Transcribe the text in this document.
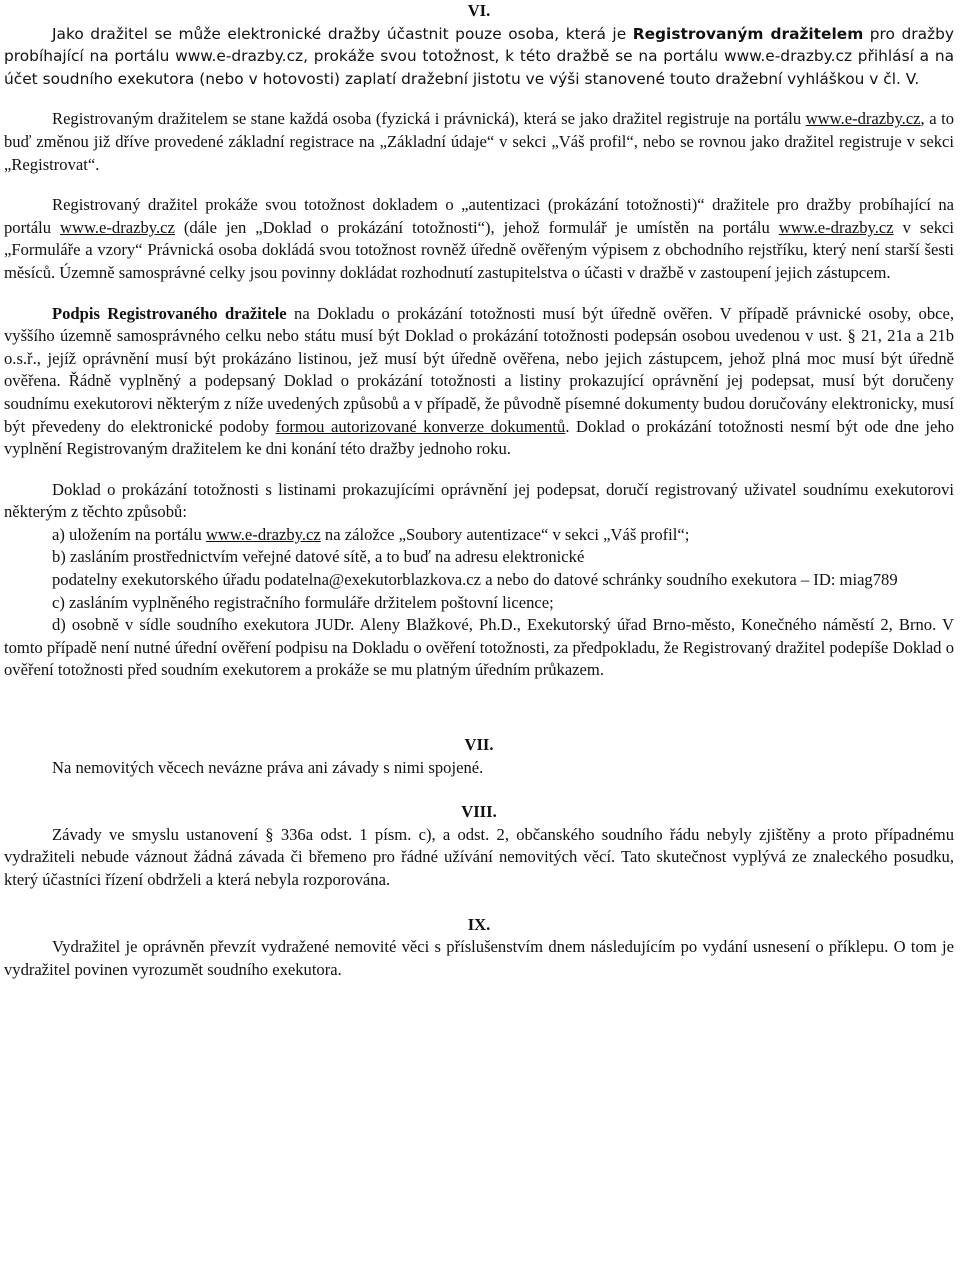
VI.

Jako dražitel se může elektronické dražby účastnit pouze osoba, která je Registrovaným dražitelem pro dražby probíhající na portálu www.e-drazby.cz, prokáže svou totožnost, k této dražbě se na portálu www.e-drazby.cz přihlásí a na účet soudního exekutora (nebo v hotovosti) zaplatí dražební jistotu ve výši stanovené touto dražební vyhláškou v čl. V.

Registrovaným dražitelem se stane každá osoba (fyzická i právnická), která se jako dražitel registruje na portálu www.e-drazby.cz, a to buď změnou již dříve provedené základní registrace na „Základní údaje“ v sekci „Váš profil“, nebo se rovnou jako dražitel registruje v sekci „Registrovat“.

Registrovaný dražitel prokáže svou totožnost dokladem o „autentizaci (prokázání totožnosti)“ dražitele pro dražby probíhající na portálu www.e-drazby.cz (dále jen „Doklad o prokázání totožnosti“), jehož formulář je umístěn na portálu www.e-drazby.cz v sekci „Formuláře a vzory“ Právnická osoba dokládá svou totožnost rovněž úředně ověřeným výpisem z obchodního rejstříku, který není starší šesti měsíců. Územně samosprávné celky jsou povinny dokládat rozhodnutí zastupitelstva o účasti v dražbě v zastoupení jejich zástupcem.

Podpis Registrovaného dražitele na Dokladu o prokázání totožnosti musí být úředně ověřen. V případě právnické osoby, obce, vyššího územně samosprávného celku nebo státu musí být Doklad o prokázání totožnosti podepsán osobou uvedenou v ust. § 21, 21a a 21b o.s.ř., jejíž oprávnění musí být prokázáno listinou, jež musí být úředně ověřena, nebo jejich zástupcem, jehož plná moc musí být úředně ověřena. Řádně vyplněný a podepsaný Doklad o prokázání totožnosti a listiny prokazující oprávnění jej podepsat, musí být doručeny soudnímu exekutorovi některým z níže uvedených způsobů a v případě, že původně písemné dokumenty budou doručovány elektronicky, musí být převedeny do elektronické podoby formou autorizované konverze dokumentů. Doklad o prokázání totožnosti nesmí být ode dne jeho vyplnění Registrovaným dražitelem ke dni konání této dražby jednoho roku.

Doklad o prokázání totožnosti s listinami prokazujícími oprávnění jej podepsat, doručí registrovaný uživatel soudnímu exekutorovi některým z těchto způsobů:

a) uložením na portálu www.e-drazby.cz na záložce „Soubory autentizace“ v sekci „Váš profil“;

b) zasláním prostřednictvím veřejné datové sítě, a to buď na adresu elektronické

podatelny exekutorského úřadu podatelna@exekutorblazkova.cz a nebo do datové schránky soudního exekutora – ID: miag789

c) zasláním vyplněného registračního formuláře držitelem poštovní licence;

d) osobně v sídle soudního exekutora JUDr. Aleny Blažkové, Ph.D., Exekutorský úřad Brno-město, Konečného náměstí 2, Brno. V tomto případě není nutné úřední ověření podpisu na Dokladu o ověření totožnosti, za předpokladu, že Registrovaný dražitel podepíše Doklad o ověření totožnosti před soudním exekutorem a prokáže se mu platným úředním průkazem.

VII.

Na nemovitých věcech nevázne práva ani závady s nimi spojené.

VIII.

Závady ve smyslu ustanovení § 336a odst. 1 písm. c), a odst. 2, občanského soudního řádu nebyly zjištěny a proto případnému vydražiteli nebude váznout žádná závada či břemeno pro řádné užívání nemovitých věcí. Tato skutečnost vyplývá ze znaleckého posudku, který účastníci řízení obdrželi a která nebyla rozporována.

IX.

Vydražitel je oprávněn převzít vydražené nemovité věci s příslušenstvím dnem následujícím po vydání usnesení o příklepu. O tom je vydražitel povinen vyrozumět soudního exekutora.
